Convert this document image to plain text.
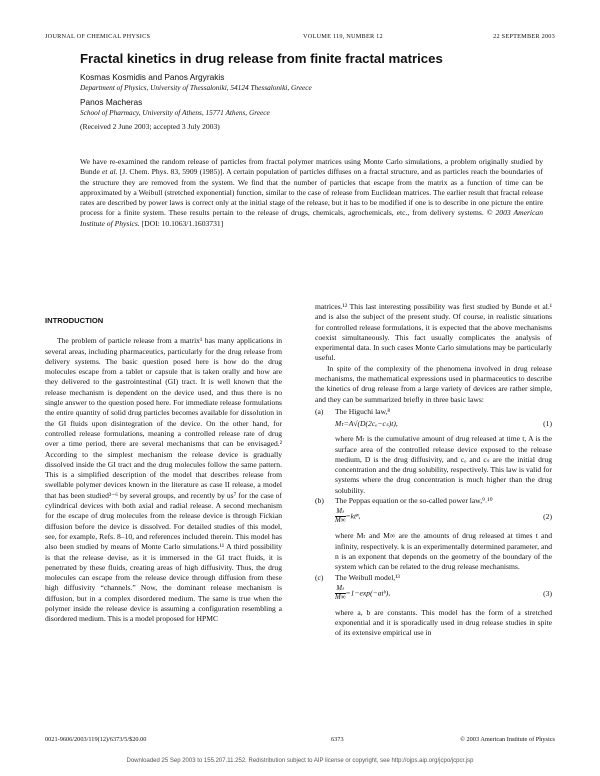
JOURNAL OF CHEMICAL PHYSICS	VOLUME 119, NUMBER 12	22 SEPTEMBER 2003
Fractal kinetics in drug release from finite fractal matrices
Kosmas Kosmidis and Panos Argyrakis
Department of Physics, University of Thessaloniki, 54124 Thessaloniki, Greece
Panos Macheras
School of Pharmacy, University of Athens, 15771 Athens, Greece
(Received 2 June 2003; accepted 3 July 2003)
We have re-examined the random release of particles from fractal polymer matrices using Monte Carlo simulations, a problem originally studied by Bunde et al. [J. Chem. Phys. 83, 5909 (1985)]. A certain population of particles diffuses on a fractal structure, and as particles reach the boundaries of the structure they are removed from the system. We find that the number of particles that escape from the matrix as a function of time can be approximated by a Weibull (stretched exponential) function, similar to the case of release from Euclidean matrices. The earlier result that fractal release rates are described by power laws is correct only at the initial stage of the release, but it has to be modified if one is to describe in one picture the entire process for a finite system. These results pertain to the release of drugs, chemicals, agrochemicals, etc., from delivery systems. © 2003 American Institute of Physics. [DOI: 10.1063/1.1603731]
INTRODUCTION

The problem of particle release from a matrix¹ has many applications in several areas, including pharmaceutics, particularly for the drug release from delivery systems. The basic question posed here is how do the drug molecules escape from a tablet or capsule that is taken orally and how are they delivered to the gastrointestinal (GI) tract. It is well known that the release mechanism is dependent on the device used, and thus there is no single answer to the question posed here. For immediate release formulations the entire quantity of solid drug particles becomes available for dissolution in the GI fluids upon disintegration of the device. On the other hand, for controlled release formulations, meaning a controlled release rate of drug over a time period, there are several mechanisms that can be envisaged.² According to the simplest mechanism the release device is gradually dissolved inside the GI tract and the drug molecules follow the same pattern. This is a simplified description of the model that describes release from swellable polymer devices known in the literature as case II release, a model that has been studied³⁻⁶ by several groups, and recently by us⁷ for the case of cylindrical devices with both axial and radial release. A second mechanism for the escape of drug molecules from the release device is through Fickian diffusion before the device is dissolved. For detailed studies of this model, see, for example, Refs. 8–10, and references included therein. This model has also been studied by means of Monte Carlo simulations.¹¹ A third possibility is that the release devise, as it is immersed in the GI tract fluids, it is penetrated by these fluids, creating areas of high diffusivity. Thus, the drug molecules can escape from the release device through diffusion from these high diffusivity “channels.” Now, the dominant release mechanism is diffusion, but in a complex disordered medium. The same is true when the polymer inside the release device is assuming a configuration resembling a disordered medium. This is a model proposed for HPMC

matrices.¹² This last interesting possibility was first studied by Bunde et al.¹ and is also the subject of the present study. Of course, in realistic situations for controlled release formulations, it is expected that the above mechanisms coexist simultaneously. This fact usually complicates the analysis of experimental data. In such cases Monte Carlo simulations may be particularly useful.

In spite of the complexity of the phenomena involved in drug release mechanisms, the mathematical expressions used in pharmaceutics to describe the kinetics of drug release from a large variety of devices are rather simple, and they can be summarized briefly in three basic laws:

(a) The Higuchi law,⁸
Mₜ=A√(D(2cₒ−cₛ)t),	(1)

where Mₜ is the cumulative amount of drug released at time t, A is the surface area of the controlled release device exposed to the release medium, D is the drug diffusivity, and cₒ and cₛ are the initial drug concentration and the drug solubility, respectively. This law is valid for systems where the drug concentration is much higher than the drug solubility.

(b) The Peppas equation or the so-called power law,⁹˒¹⁰
$\frac{\text{Mₜ}}{M\infty} =kt^n$,	(2)

where Mₜ and M∞ are the amounts of drug released at times t and infinity, respectively. k is an experimentally determined parameter, and n is an exponent that depends on the geometry of the boundary of the system which can be related to the drug release mechanisms.

(c) The Weibull model,¹³
$\frac{\text{Mₜ}}{M\infty}$ =1−exp(−atᵇ),	(3)

where a, b are constants. This model has the form of a stretched exponential and it is sporadically used in drug release studies in spite of its extensive empirical use in

0021-9606/2003/119(12)/6373/5/$20.00	6373	© 2003 American Institute of Physics
Downloaded 25 Sep 2003 to 155.207.11.252. Redistribution subject to AIP license or copyright, see http://ojps.aip.org/jcpo/jcpcr.jsp
